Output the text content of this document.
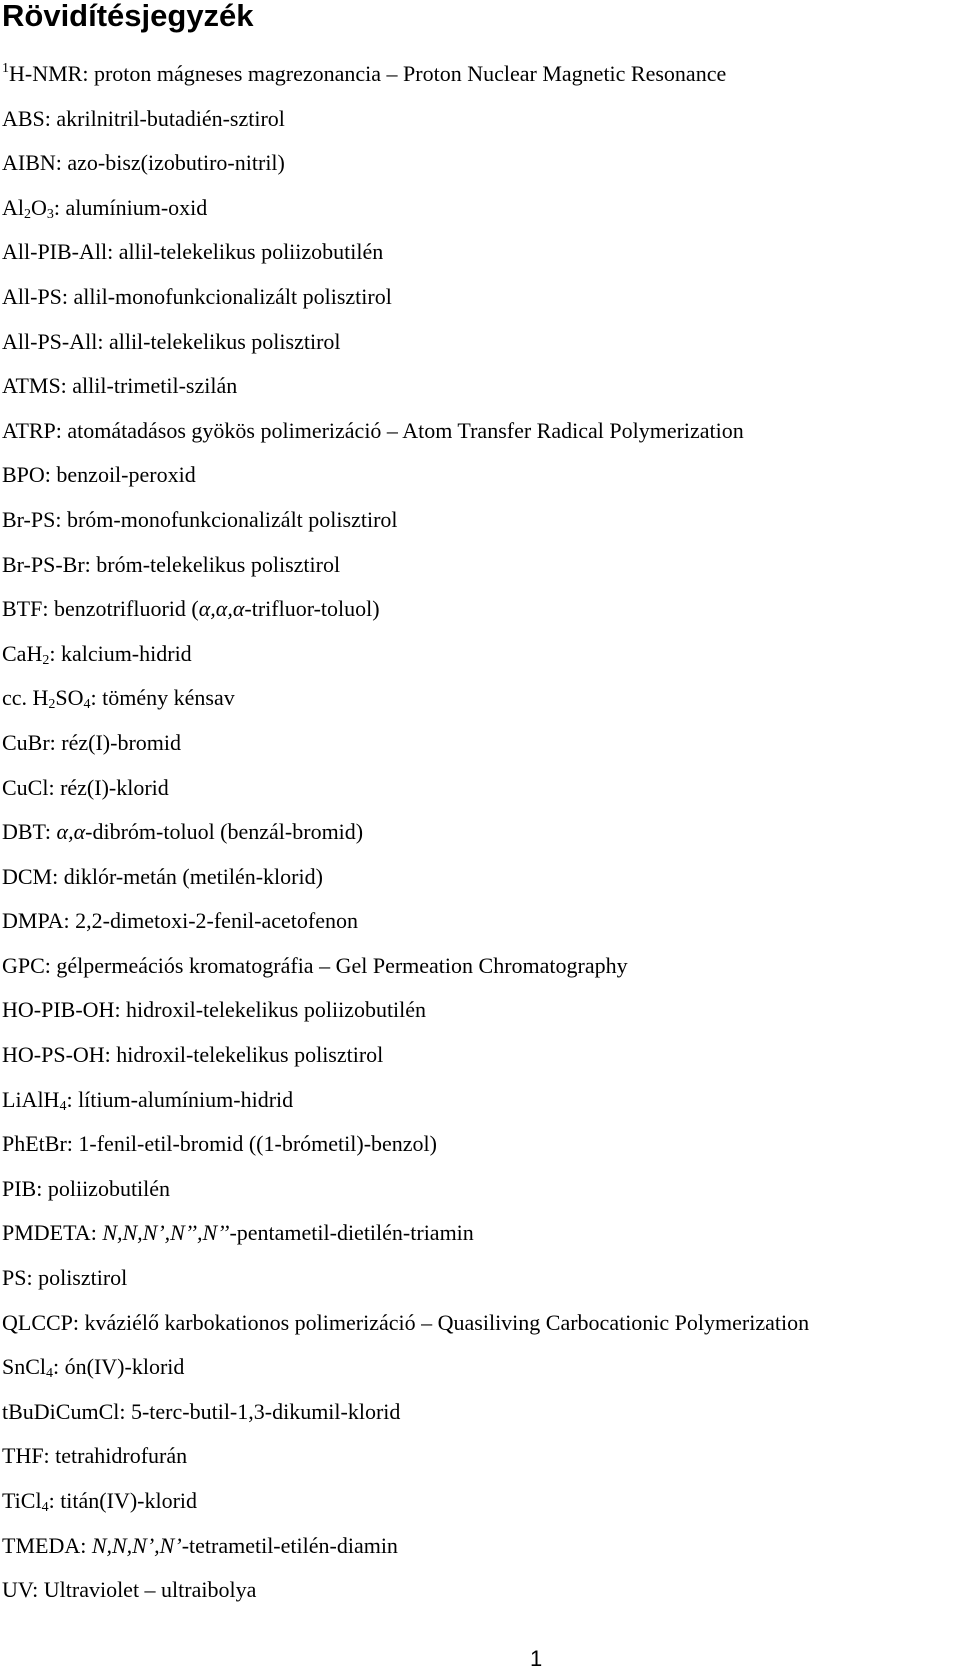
Rövidítésjegyzék
$^1$H-NMR: proton mágneses magrezonancia – Proton Nuclear Magnetic Resonance
ABS: akrilnitril-butadién-sztirol
AIBN: azo-bisz(izobutiro-nitril)
$Al_2O_3$: alumínium-oxid
All-PIB-All: allil-telekelikus poliizobutilén
All-PS: allil-monofunkcionalizált polisztirol
All-PS-All: allil-telekelikus polisztirol
ATMS: allil-trimetil-szilán
ATRP: atomátadásos gyökös polimerizáció – Atom Transfer Radical Polymerization
BPO: benzoil-peroxid
Br-PS: bróm-monofunkcionalizált polisztirol
Br-PS-Br: bróm-telekelikus polisztirol
BTF: benzotrifluorid (α,α,α-trifluor-toluol)
CaH$_2$: kalcium-hidrid
cc. $H_2SO_4$: tömény kénsav
CuBr: réz(I)-bromid
CuCl: réz(I)-klorid
DBT: α,α-dibróm-toluol (benzál-bromid)
DCM: diklór-metán (metilén-klorid)
DMPA: 2,2-dimetoxi-2-fenil-acetofenon
GPC: gélpermeációs kromatográfia – Gel Permeation Chromatography
HO-PIB-OH: hidroxil-telekelikus poliizobutilén
HO-PS-OH: hidroxil-telekelikus polisztirol
LiAlH$_4$: lítium-alumínium-hidrid
PhEtBr: 1-fenil-etil-bromid ((1-brómetil)-benzol)
PIB: poliizobutilén
PMDETA: N,N,N’,N’’,N’’-pentametil-dietilén-triamin
PS: polisztirol
QLCCP: kváziélő karbokationos polimerizáció – Quasiliving Carbocationic Polymerization
SnCl$_4$: ón(IV)-klorid
tBuDiCumCl: 5-terc-butil-1,3-dikumil-klorid
THF: tetrahidrofurán
TiCl$_4$: titán(IV)-klorid
TMEDA: N,N,N’,N’-tetrametil-etilén-diamin
UV: Ultraviolet – ultraibolya
1
